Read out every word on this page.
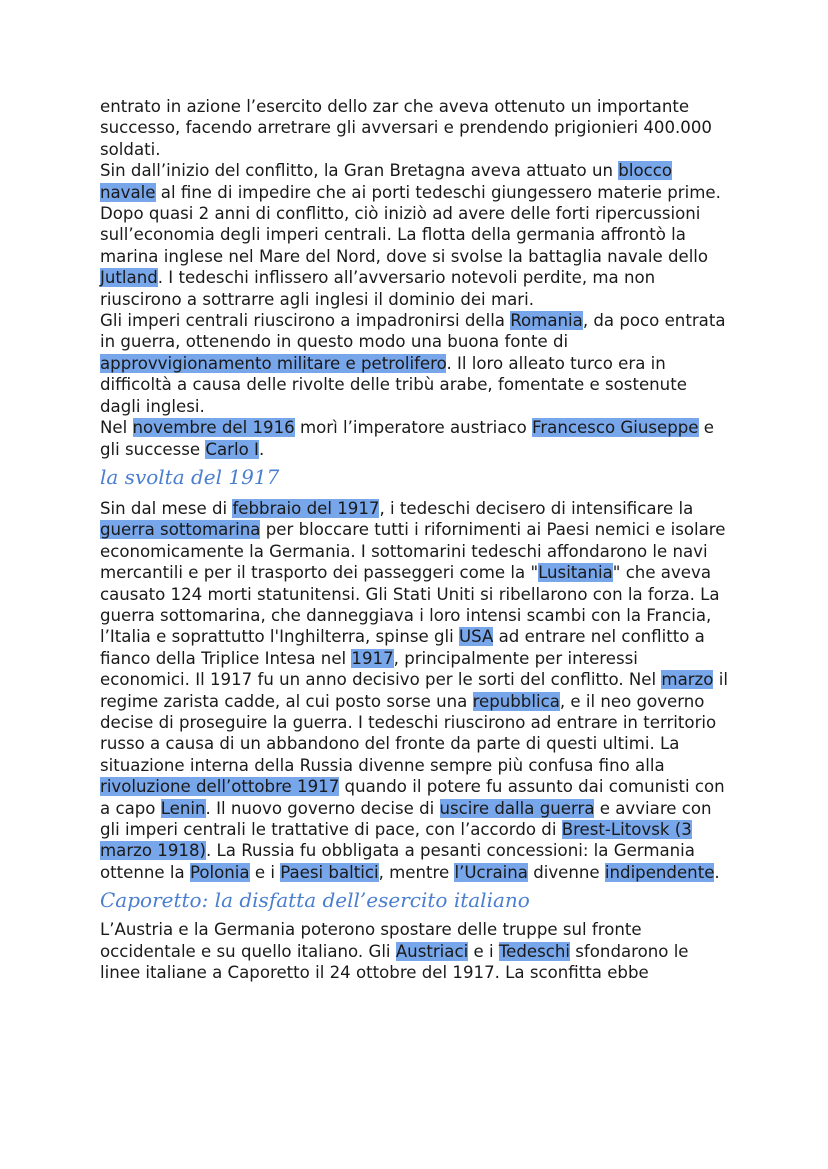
entrato in azione l’esercito dello zar che aveva ottenuto un importante successo, facendo arretrare gli avversari e prendendo prigionieri 400.000 soldati.

Sin dall’inizio del conflitto, la Gran Bretagna aveva attuato un blocco navale al fine di impedire che ai porti tedeschi giungessero materie prime. Dopo quasi 2 anni di conflitto, ciò iniziò ad avere delle forti ripercussioni sull’economia degli imperi centrali. La flotta della germania affrontò la marina inglese nel Mare del Nord, dove si svolse la battaglia navale dello Jutland. I tedeschi inflissero all’avversario notevoli perdite, ma non riuscirono a sottrarre agli inglesi il dominio dei mari.

Gli imperi centrali riuscirono a impadronirsi della Romania, da poco entrata in guerra, ottenendo in questo modo una buona fonte di approvvigionamento militare e petrolifero. Il loro alleato turco era in difficoltà a causa delle rivolte delle tribù arabe, fomentate e sostenute dagli inglesi.

Nel novembre del 1916 morì l’imperatore austriaco Francesco Giuseppe e gli successe Carlo I.

la svolta del 1917

Sin dal mese di febbraio del 1917, i tedeschi decisero di intensificare la guerra sottomarina per bloccare tutti i rifornimenti ai Paesi nemici e isolare economicamente la Germania. I sottomarini tedeschi affondarono le navi mercantili e per il trasporto dei passeggeri come la "Lusitania" che aveva causato 124 morti statunitensi. Gli Stati Uniti si ribellarono con la forza. La guerra sottomarina, che danneggiava i loro intensi scambi con la Francia, l’Italia e soprattutto l'Inghilterra, spinse gli USA ad entrare nel conflitto a fianco della Triplice Intesa nel 1917, principalmente per interessi economici. Il 1917 fu un anno decisivo per le sorti del conflitto. Nel marzo il regime zarista cadde, al cui posto sorse una repubblica, e il neo governo decise di proseguire la guerra. I tedeschi riuscirono ad entrare in territorio russo a causa di un abbandono del fronte da parte di questi ultimi. La situazione interna della Russia divenne sempre più confusa fino alla rivoluzione dell’ottobre 1917 quando il potere fu assunto dai comunisti con a capo Lenin. Il nuovo governo decise di uscire dalla guerra e avviare con gli imperi centrali le trattative di pace, con l’accordo di Brest-Litovsk (3 marzo 1918). La Russia fu obbligata a pesanti concessioni: la Germania ottenne la Polonia e i Paesi baltici, mentre l’Ucraina divenne indipendente.

Caporetto: la disfatta dell’esercito italiano

L’Austria e la Germania poterono spostare delle truppe sul fronte occidentale e su quello italiano. Gli Austriaci e i Tedeschi sfondarono le linee italiane a Caporetto il 24 ottobre del 1917. La sconfitta ebbe
